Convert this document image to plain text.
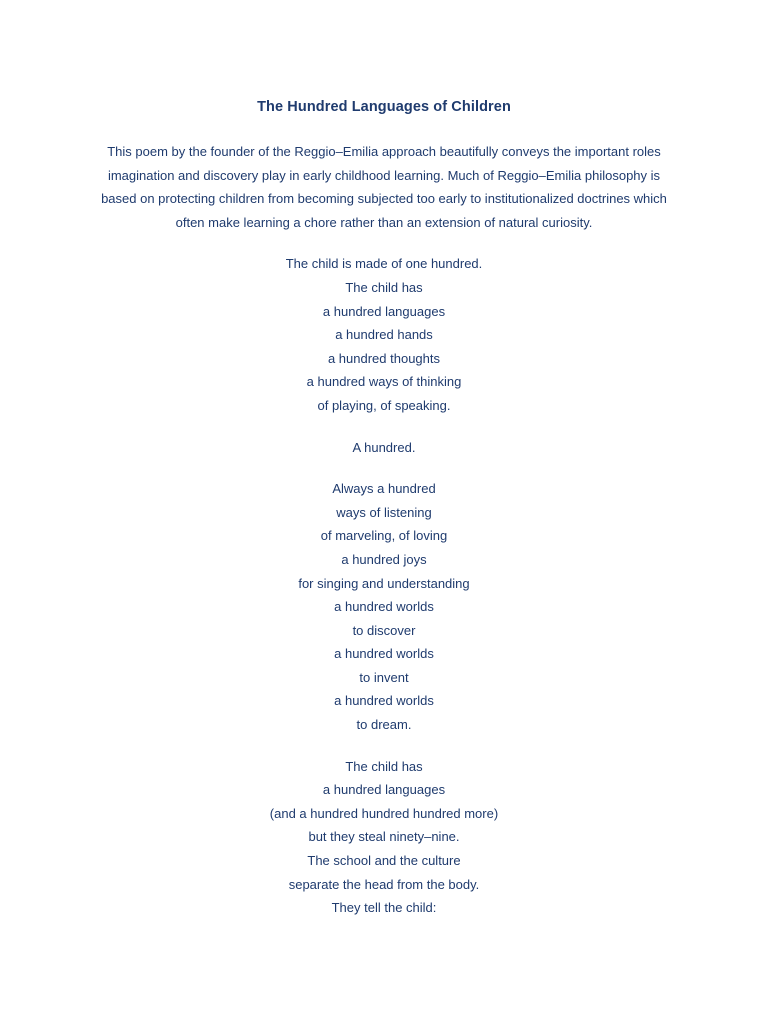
The Hundred Languages of Children
This poem by the founder of the Reggio–Emilia approach beautifully conveys the important roles
imagination and discovery play in early childhood learning. Much of Reggio–Emilia philosophy is
based on protecting children from becoming subjected too early to institutionalized doctrines which
often make learning a chore rather than an extension of natural curiosity.
The child is made of one hundred.
The child has
a hundred languages
a hundred hands
a hundred thoughts
a hundred ways of thinking
of playing, of speaking.
A hundred.
Always a hundred
ways of listening
of marveling, of loving
a hundred joys
for singing and understanding
a hundred worlds
to discover
a hundred worlds
to invent
a hundred worlds
to dream.
The child has
a hundred languages
(and a hundred hundred hundred more)
but they steal ninety–nine.
The school and the culture
separate the head from the body.
They tell the child:
